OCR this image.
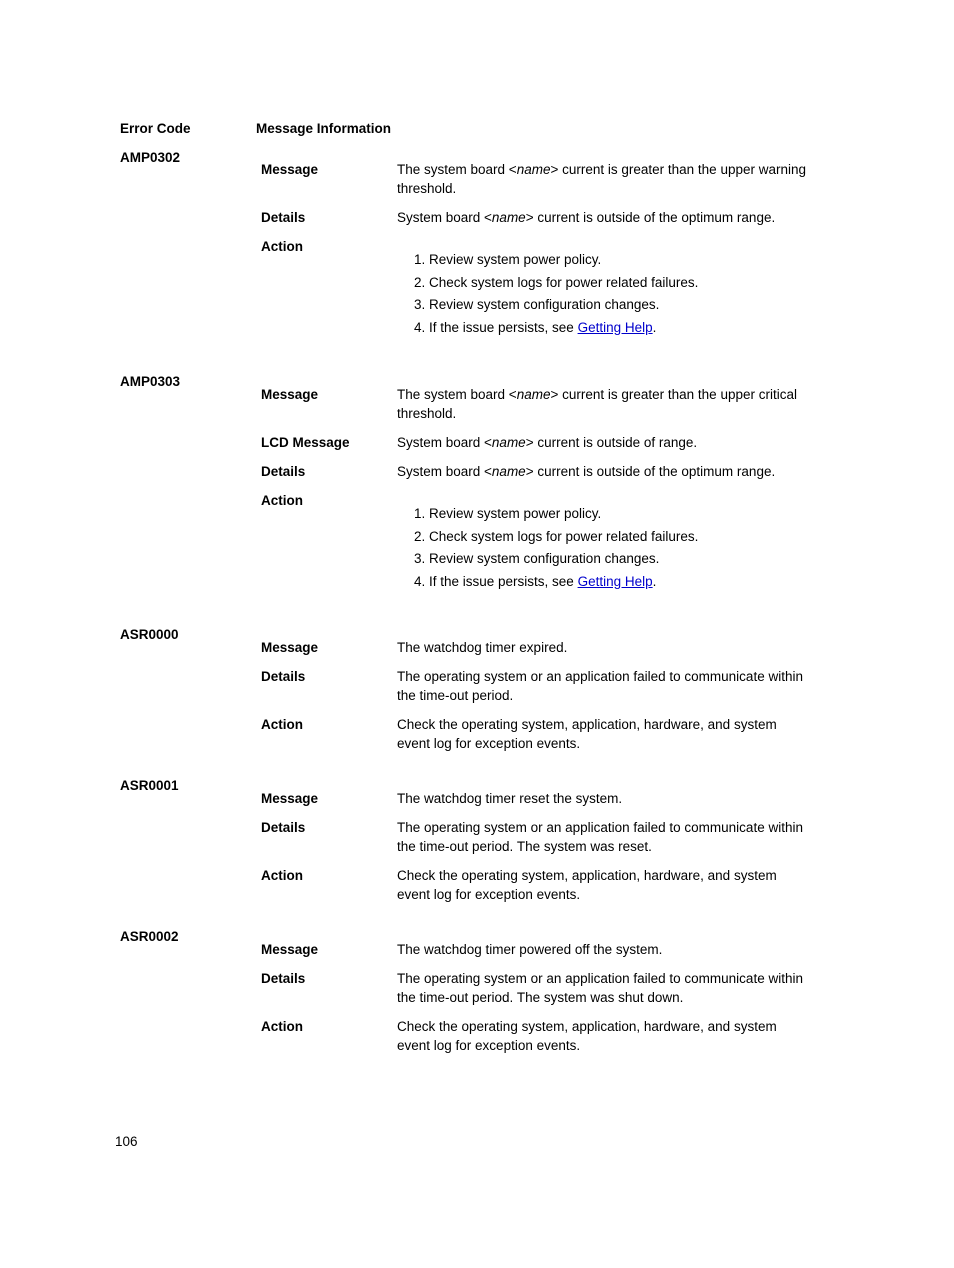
Error Code	Message Information
AMP0302
Message	The system board <name> current is greater than the upper warning threshold.
Details	System board <name> current is outside of the optimum range.
Action
1. Review system power policy.
2. Check system logs for power related failures.
3. Review system configuration changes.
4. If the issue persists, see Getting Help.
AMP0303
Message	The system board <name> current is greater than the upper critical threshold.
LCD Message	System board <name> current is outside of range.
Details	System board <name> current is outside of the optimum range.
Action
1. Review system power policy.
2. Check system logs for power related failures.
3. Review system configuration changes.
4. If the issue persists, see Getting Help.
ASR0000
Message	The watchdog timer expired.
Details	The operating system or an application failed to communicate within the time-out period.
Action	Check the operating system, application, hardware, and system event log for exception events.
ASR0001
Message	The watchdog timer reset the system.
Details	The operating system or an application failed to communicate within the time-out period. The system was reset.
Action	Check the operating system, application, hardware, and system event log for exception events.
ASR0002
Message	The watchdog timer powered off the system.
Details	The operating system or an application failed to communicate within the time-out period. The system was shut down.
Action	Check the operating system, application, hardware, and system event log for exception events.
106
